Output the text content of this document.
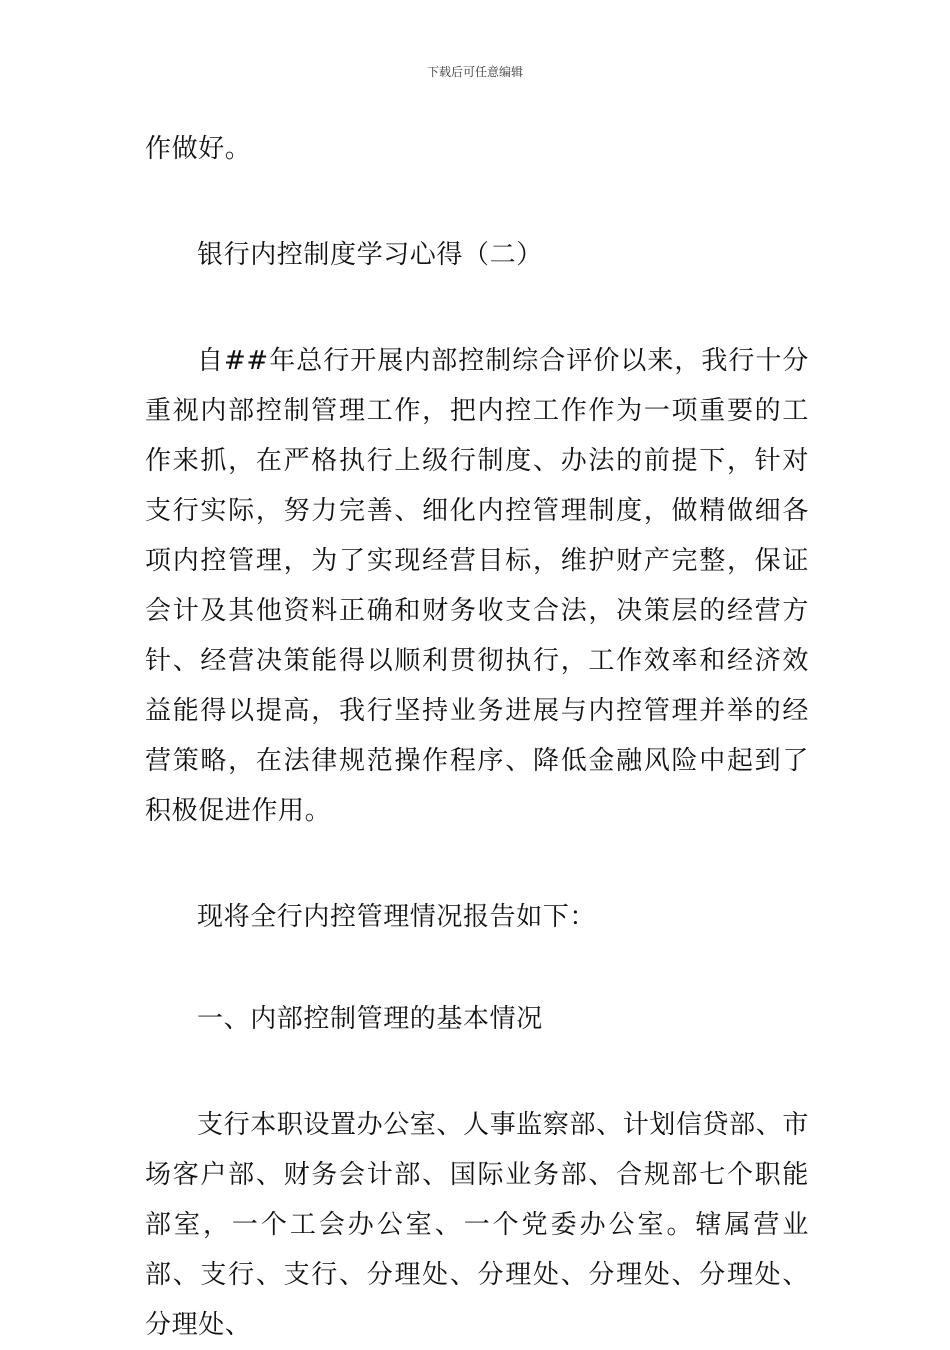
下载后可任意编辑

作做好。

银行内控制度学习心得（二）

自##年总行开展内部控制综合评价以来，我行十分重视内部控制管理工作，把内控工作作为一项重要的工作来抓，在严格执行上级行制度、办法的前提下，针对支行实际，努力完善、细化内控管理制度，做精做细各项内控管理，为了实现经营目标，维护财产完整，保证会计及其他资料正确和财务收支合法，决策层的经营方针、经营决策能得以顺利贯彻执行，工作效率和经济效益能得以提高，我行坚持业务进展与内控管理并举的经营策略，在法律规范操作程序、降低金融风险中起到了积极促进作用。

现将全行内控管理情况报告如下：

一、内部控制管理的基本情况

支行本职设置办公室、人事监察部、计划信贷部、市场客户部、财务会计部、国际业务部、合规部七个职能部室，一个工会办公室、一个党委办公室。辖属营业部、支行、支行、分理处、分理处、分理处、分理处、分理处、
